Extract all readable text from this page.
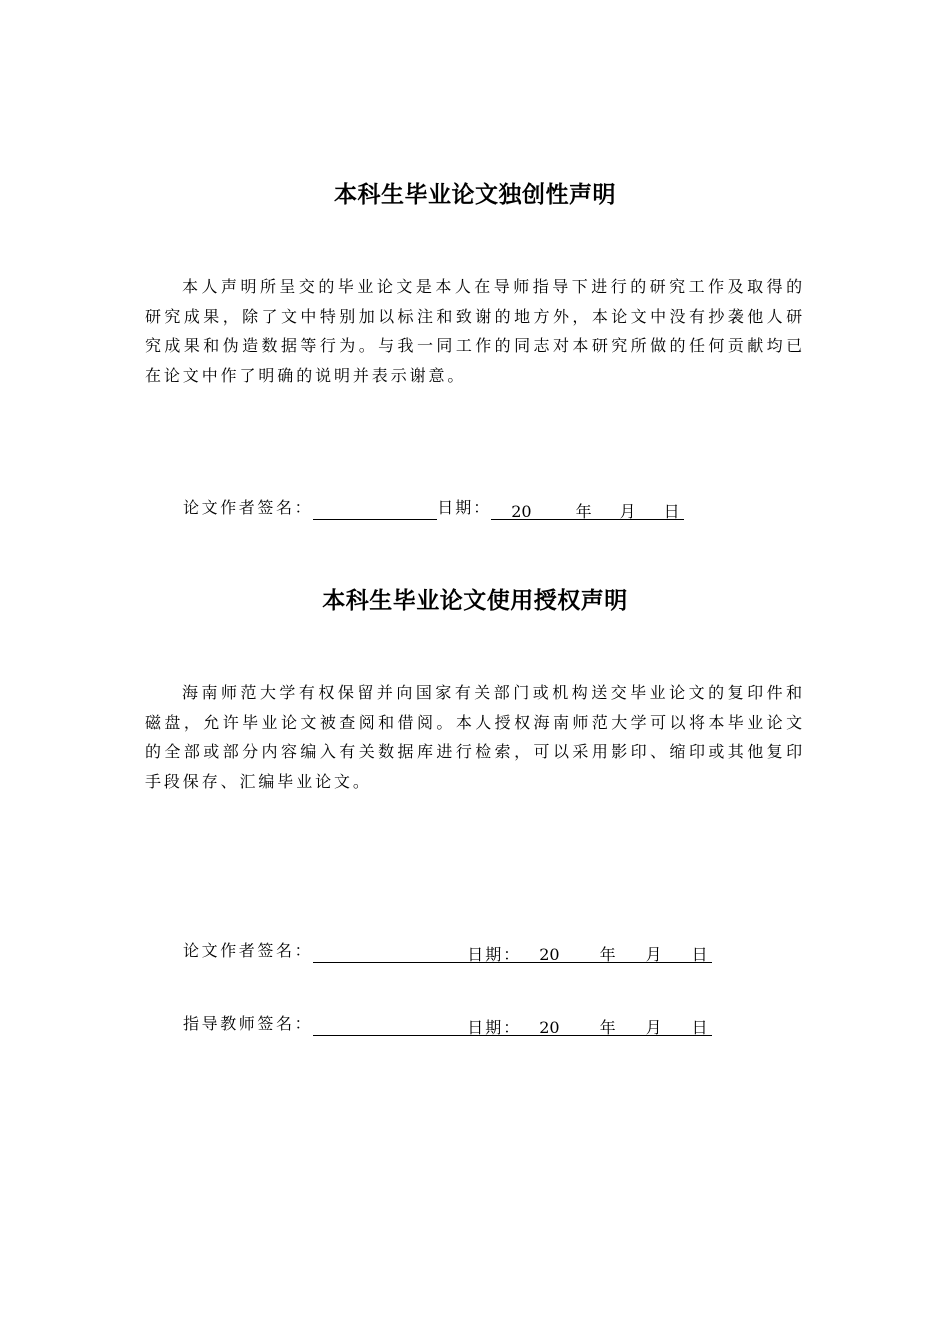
本科生毕业论文独创性声明

本人声明所呈交的毕业论文是本人在导师指导下进行的研究工作及取得的研究成果，除了文中特别加以标注和致谢的地方外，本论文中没有抄袭他人研究成果和伪造数据等行为。与我一同工作的同志对本研究所做的任何贡献均已在论文中作了明确的说明并表示谢意。

论文作者签名：	日期： 20	年 月 日
本科生毕业论文使用授权声明

海南师范大学有权保留并向国家有关部门或机构送交毕业论文的复印件和磁盘，允许毕业论文被查阅和借阅。本人授权海南师范大学可以将本毕业论文的全部或部分内容编入有关数据库进行检索，可以采用影印、缩印或其他复印手段保存、汇编毕业论文。

论文作者签名：	日期： 20	年 月 日
指导教师签名：	日期： 20	年 月 日
